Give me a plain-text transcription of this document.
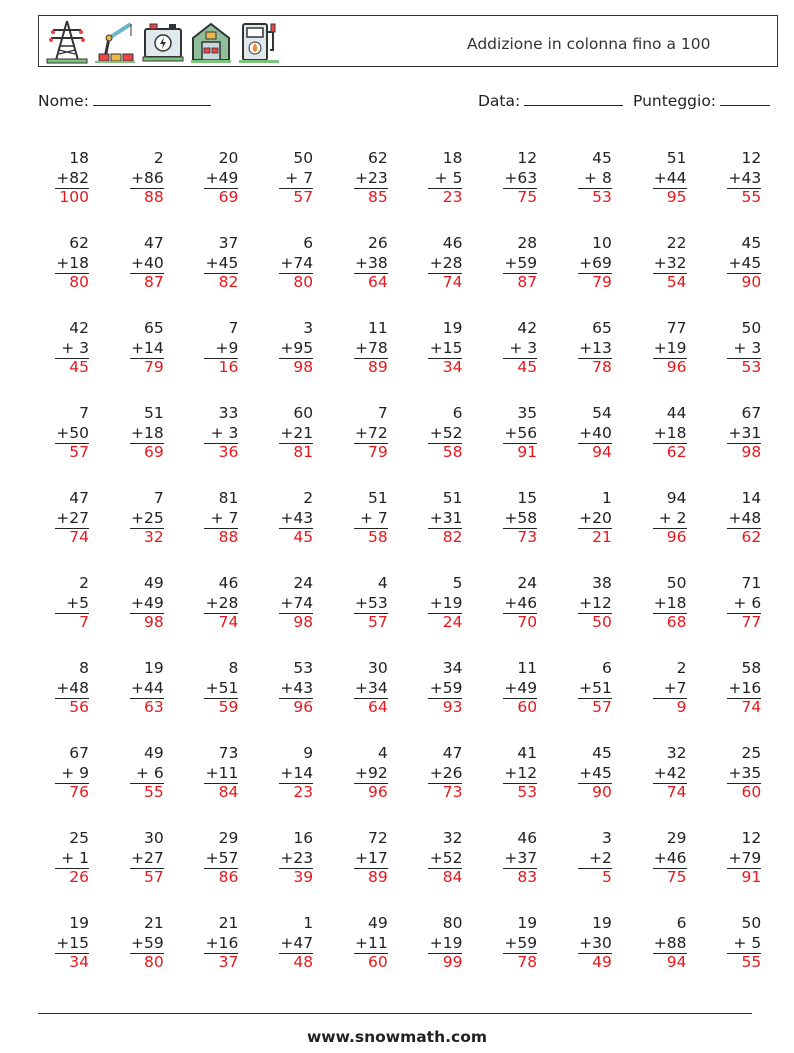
Addizione in colonna fino a 100
Nome:	Data:	Punteggio:
18
+82
100
2
+86
88
20
+49
69
50
+ 7
57
62
+23
85
18
+ 5
23
12
+63
75
45
+ 8
53
51
+44
95
12
+43
55
62
+18
80
47
+40
87
37
+45
82
6
+74
80
26
+38
64
46
+28
74
28
+59
87
10
+69
79
22
+32
54
45
+45
90
42
+ 3
45
65
+14
79
7
+9
16
3
+95
98
11
+78
89
19
+15
34
42
+ 3
45
65
+13
78
77
+19
96
50
+ 3
53
7
+50
57
51
+18
69
33
+ 3
36
60
+21
81
7
+72
79
6
+52
58
35
+56
91
54
+40
94
44
+18
62
67
+31
98
47
+27
74
7
+25
32
81
+ 7
88
2
+43
45
51
+ 7
58
51
+31
82
15
+58
73
1
+20
21
94
+ 2
96
14
+48
62
2
+5
7
49
+49
98
46
+28
74
24
+74
98
4
+53
57
5
+19
24
24
+46
70
38
+12
50
50
+18
68
71
+ 6
77
8
+48
56
19
+44
63
8
+51
59
53
+43
96
30
+34
64
34
+59
93
11
+49
60
6
+51
57
2
+7
9
58
+16
74
67
+ 9
76
49
+ 6
55
73
+11
84
9
+14
23
4
+92
96
47
+26
73
41
+12
53
45
+45
90
32
+42
74
25
+35
60
25
+ 1
26
30
+27
57
29
+57
86
16
+23
39
72
+17
89
32
+52
84
46
+37
83
3
+2
5
29
+46
75
12
+79
91
19
+15
34
21
+59
80
21
+16
37
1
+47
48
49
+11
60
80
+19
99
19
+59
78
19
+30
49
6
+88
94
50
+ 5
55
www.snowmath.com
